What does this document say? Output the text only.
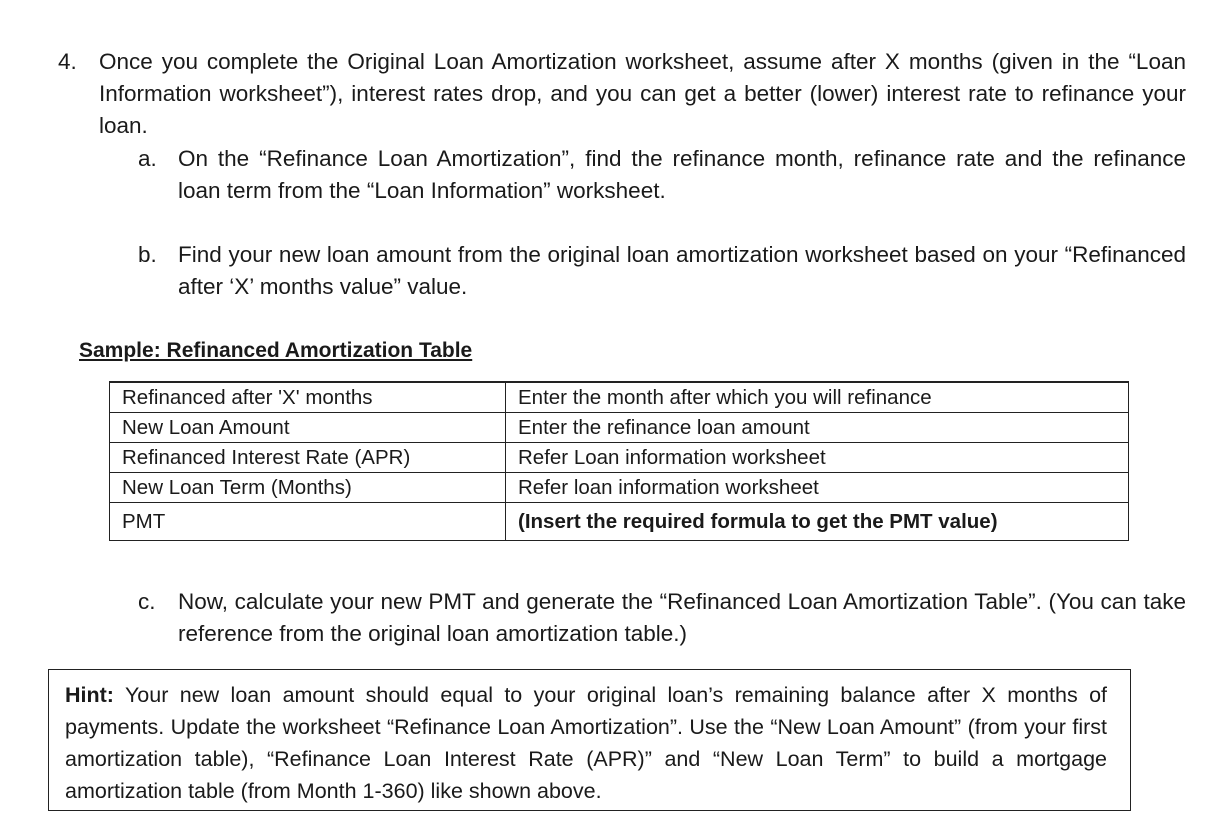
4. Once you complete the Original Loan Amortization worksheet, assume after X months (given in the “Loan Information worksheet”), interest rates drop, and you can get a better (lower) interest rate to refinance your loan.

a. On the “Refinance Loan Amortization”, find the refinance month, refinance rate and the refinance loan term from the “Loan Information” worksheet.

b. Find your new loan amount from the original loan amortization worksheet based on your “Refinanced after ‘X’ months value” value.

Sample: Refinanced Amortization Table
Refinanced after 'X' months	Enter the month after which you will refinance
New Loan Amount	Enter the refinance loan amount
Refinanced Interest Rate (APR)	Refer Loan information worksheet
New Loan Term (Months)	Refer loan information worksheet
PMT	(Insert the required formula to get the PMT value)
c. Now, calculate your new PMT and generate the “Refinanced Loan Amortization Table”. (You can take reference from the original loan amortization table.)

Hint: Your new loan amount should equal to your original loan’s remaining balance after X months of payments. Update the worksheet “Refinance Loan Amortization”. Use the “New Loan Amount” (from your first amortization table), “Refinance Loan Interest Rate (APR)” and “New Loan Term” to build a mortgage amortization table (from Month 1-360) like shown above.
